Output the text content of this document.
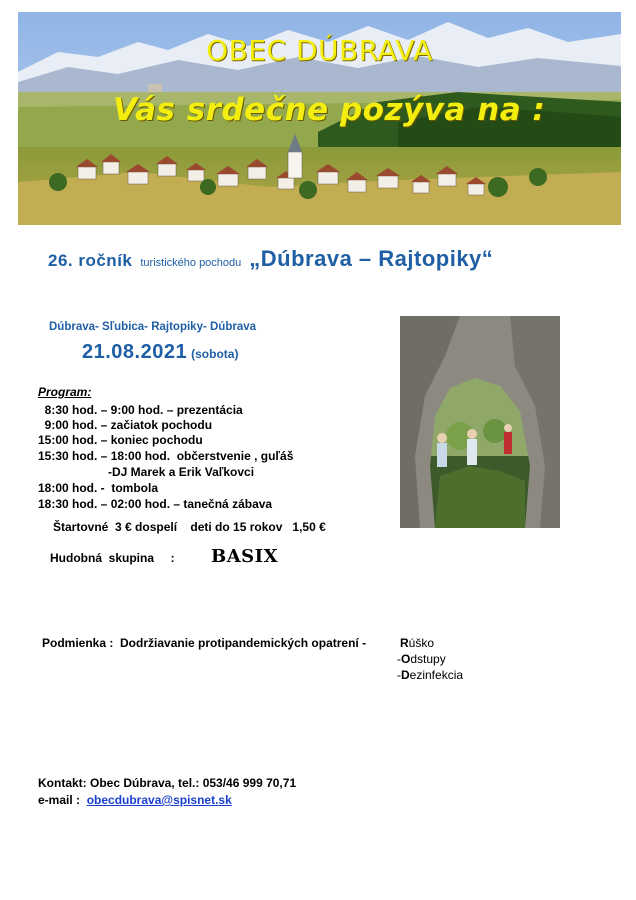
OBEC DÚBRAVA
Vás srdečne pozýva na :
26. ročník turistického pochodu „Dúbrava – Rajtopiky“
Dúbrava- Sľubica- Rajtopiky- Dúbrava
21.08.2021 (sobota)
Program:
8:30 hod. – 9:00 hod. – prezentácia
9:00 hod. – začiatok pochodu
15:00 hod. – koniec pochodu
15:30 hod. – 18:00 hod.  občerstvenie , guľáš
-DJ Marek a Erik Vaľkovci
18:00 hod. -  tombola
18:30 hod. – 02:00 hod. – tanečná zábava
Štartovné  3 € dospelí    deti do 15 rokov   1,50 €
Hudobná  skupina     : BASIX
Podmienka :  Dodržiavanie protipandemických opatrení -	Rúško
-Odstupy
-Dezinfekcia
Kontakt: Obec Dúbrava, tel.: 053/46 999 70,71
e-mail :  obecdubrava@spisnet.sk
